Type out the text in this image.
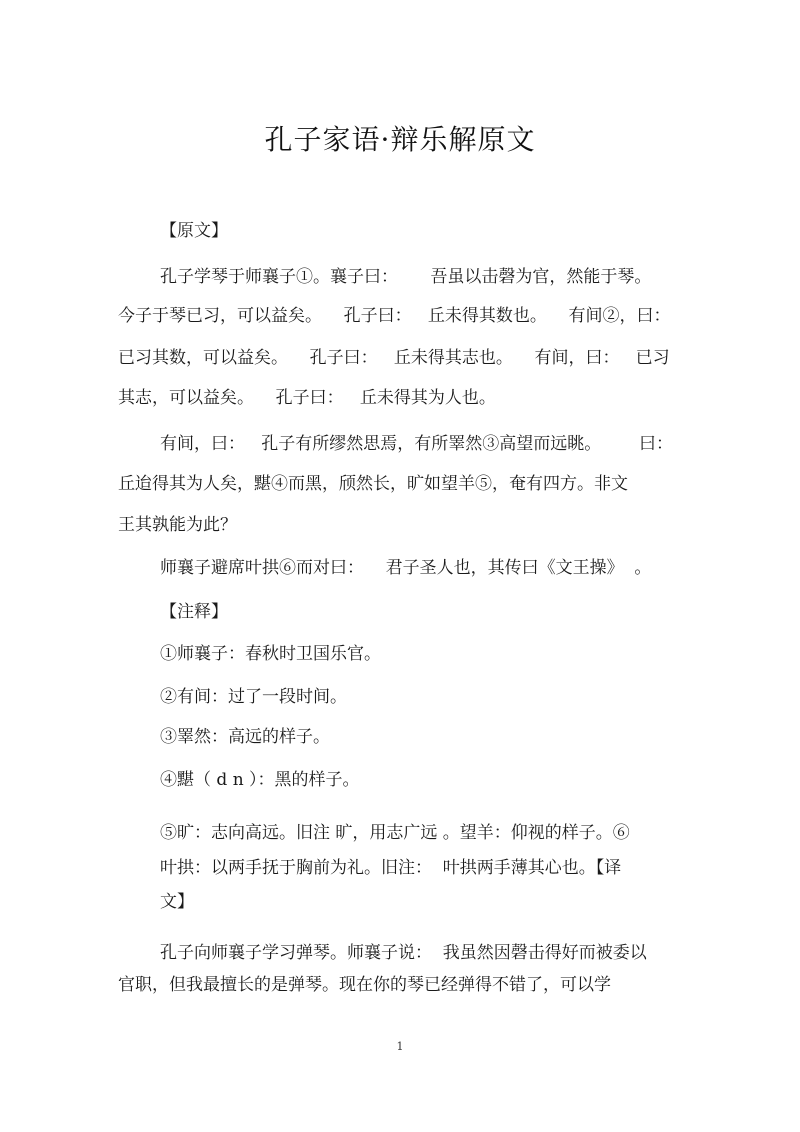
孔子家语·辩乐解原文
【原文】
孔子学琴于师襄子①。襄子曰：      吾虽以击磬为官，然能于琴。
今子于琴已习，可以益矣。    孔子曰：   丘未得其数也。    有间②，曰：
已习其数，可以益矣。    孔子曰：   丘未得其志也。    有间，曰：   已习
其志，可以益矣。    孔子曰：   丘未得其为人也。
有间，曰：   孔子有所缪然思焉，有所睪然③高望而远眺。       曰：
丘迨得其为人矣，黮④而黑，颀然长，旷如望羊⑤，奄有四方。非文
王其孰能为此？
师襄子避席叶拱⑥而对曰：    君子圣人也，其传曰《文王操》  。
【注释】
①师襄子：春秋时卫国乐官。
②有间：过了一段时间。
③睪然：高远的样子。
④黮（ d n ）：黑的样子。
⑤旷：志向高远。旧注 旷，用志广远 。望羊：仰视的样子。⑥
叶拱：以两手抚于胸前为礼。旧注：  叶拱两手薄其心也。【译
文】
孔子向师襄子学习弹琴。师襄子说：  我虽然因磬击得好而被委以
官职，但我最擅长的是弹琴。现在你的琴已经弹得不错了，可以学
1
